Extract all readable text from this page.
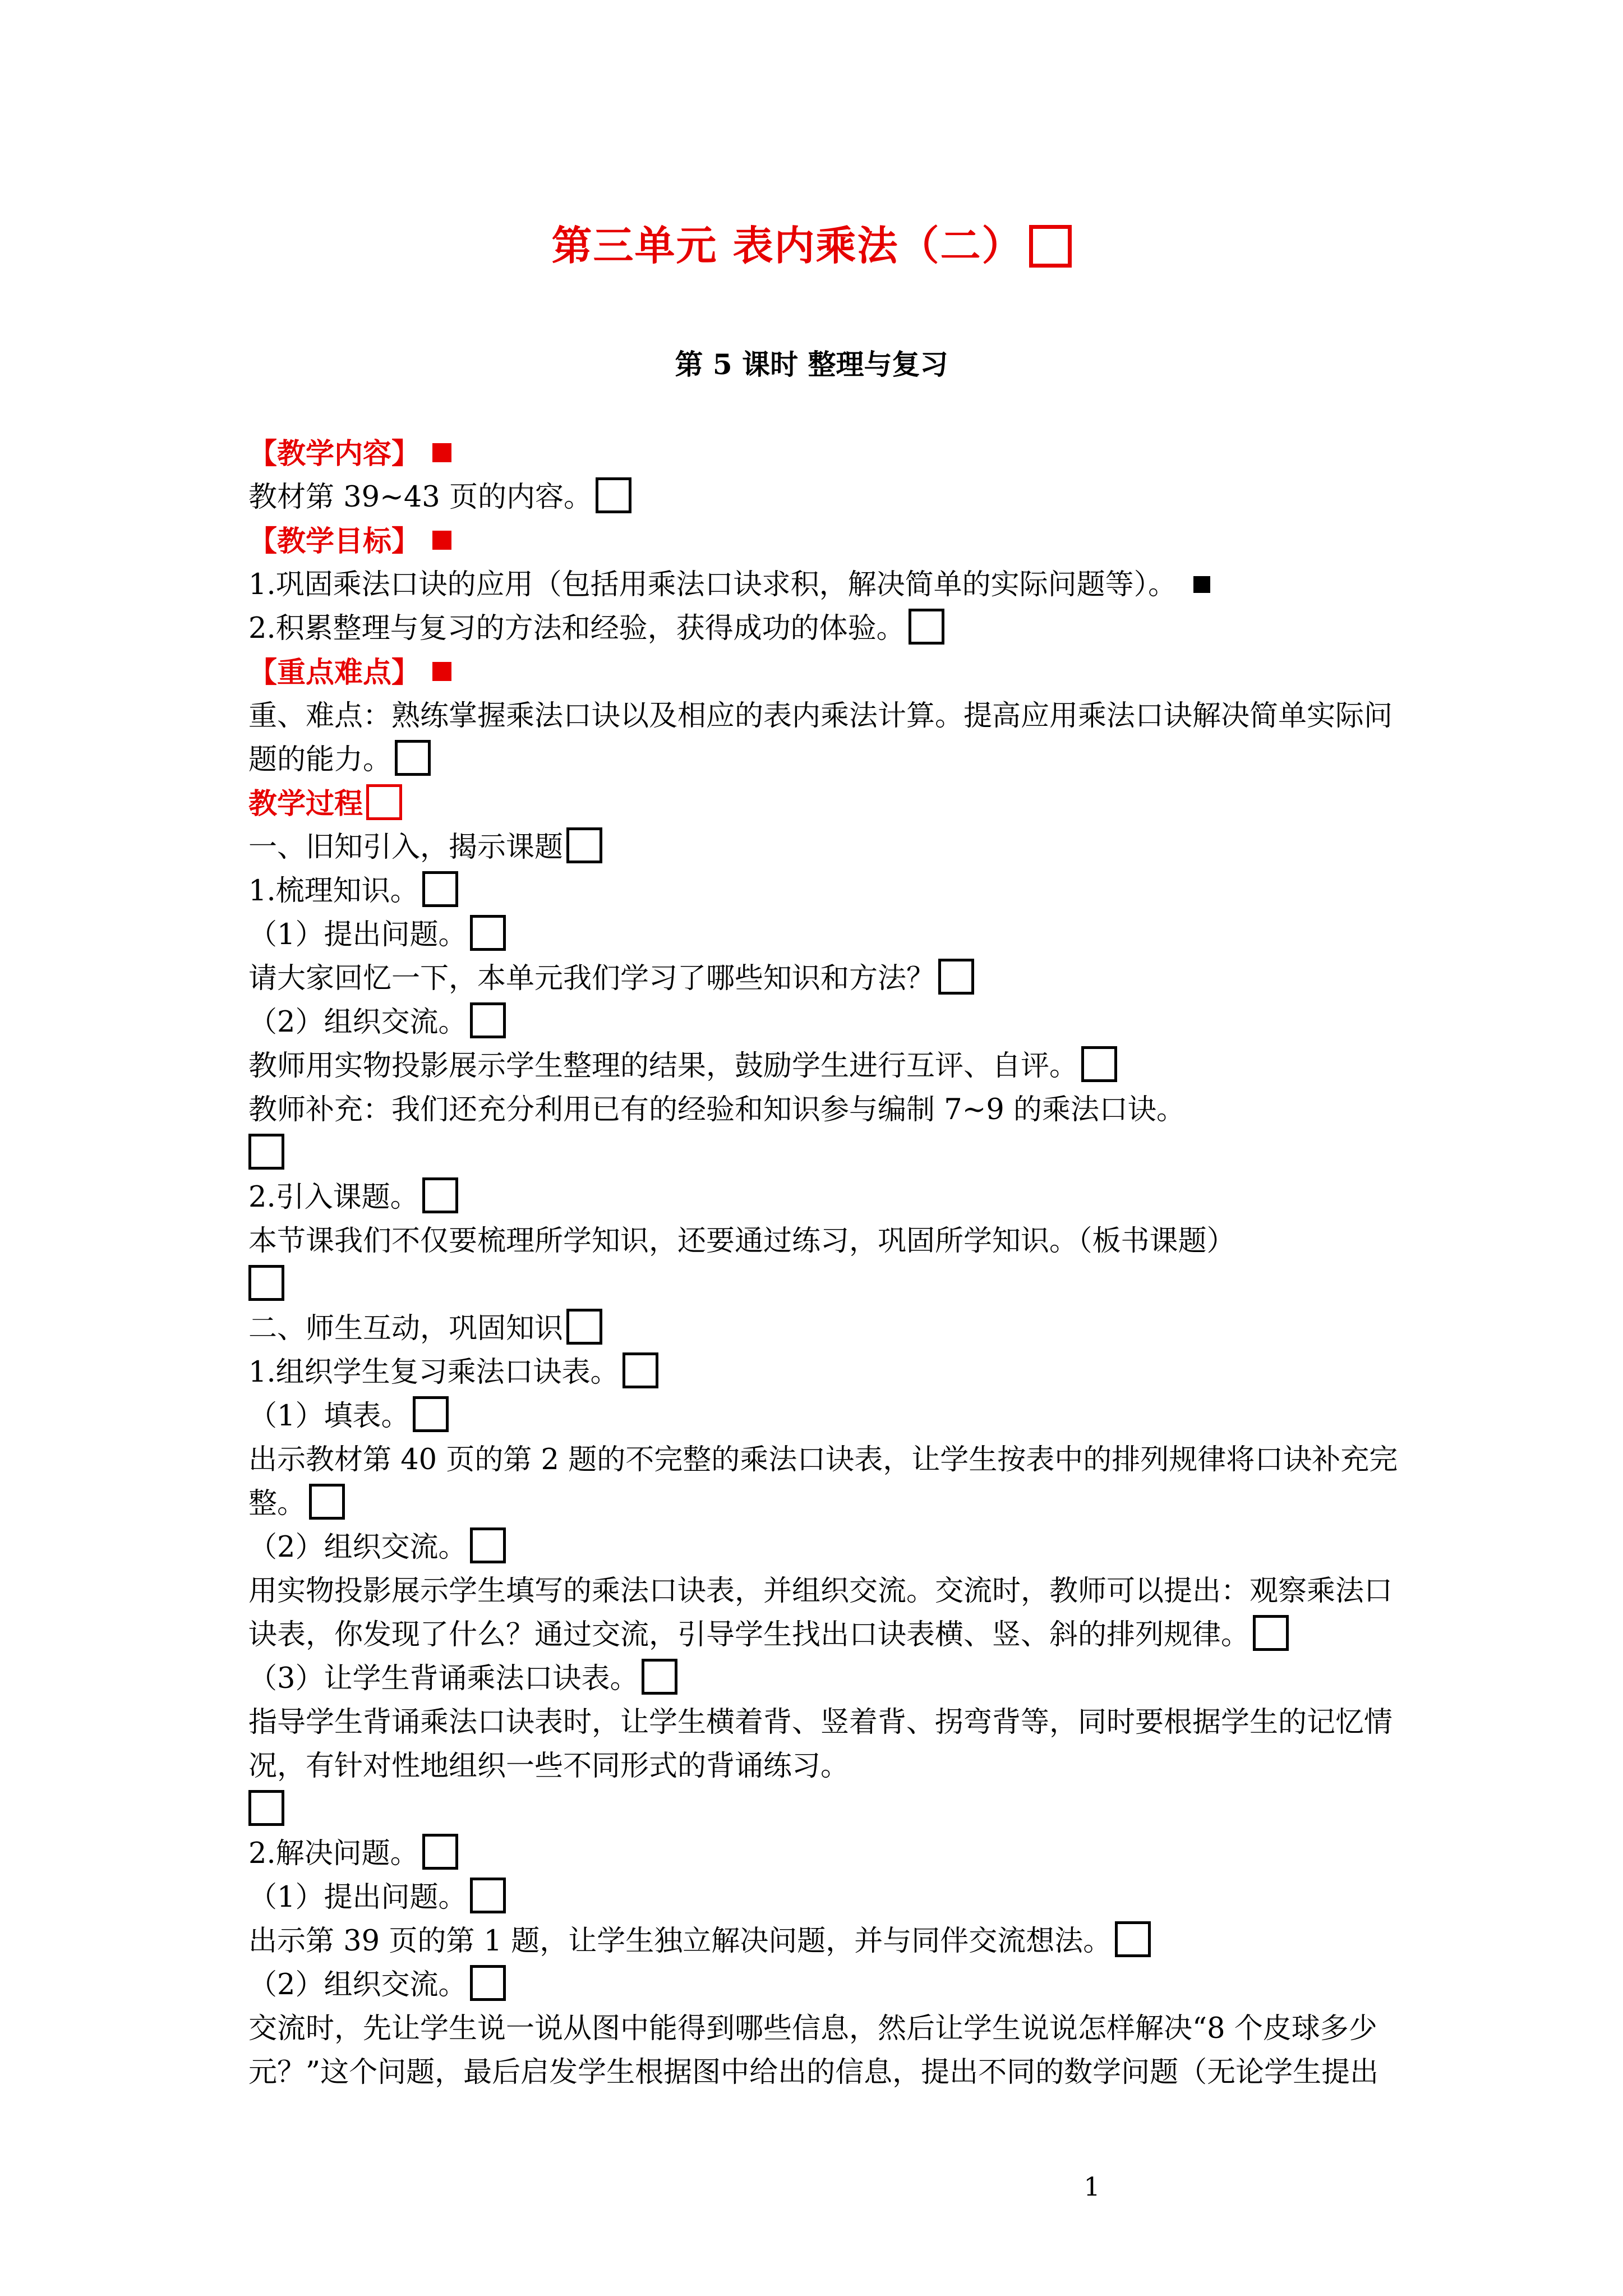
第三单元 表内乘法（二）
第 5 课时 整理与复习

【教学内容】

教材第 39~43 页的内容。

【教学目标】

1.巩固乘法口诀的应用（包括用乘法口诀求积，解决简单的实际问题等）。

2.积累整理与复习的方法和经验，获得成功的体验。

【重点难点】

重、难点：熟练掌握乘法口诀以及相应的表内乘法计算。提高应用乘法口诀解决简单实际问题的能力。

教学过程

一、旧知引入，揭示课题

1.梳理知识。

（1）提出问题。

请大家回忆一下，本单元我们学习了哪些知识和方法？

（2）组织交流。

教师用实物投影展示学生整理的结果，鼓励学生进行互评、自评。

教师补充：我们还充分利用已有的经验和知识参与编制 7~9 的乘法口诀。

2.引入课题。

本节课我们不仅要梳理所学知识，还要通过练习，巩固所学知识。（板书课题）

二、师生互动，巩固知识

1.组织学生复习乘法口诀表。

（1）填表。

出示教材第 40 页的第 2 题的不完整的乘法口诀表，让学生按表中的排列规律将口诀补充完整。

（2）组织交流。

用实物投影展示学生填写的乘法口诀表，并组织交流。交流时，教师可以提出：观察乘法口诀表，你发现了什么？通过交流，引导学生找出口诀表横、竖、斜的排列规律。

（3）让学生背诵乘法口诀表。

指导学生背诵乘法口诀表时，让学生横着背、竖着背、拐弯背等，同时要根据学生的记忆情况，有针对性地组织一些不同形式的背诵练习。

2.解决问题。

（1）提出问题。

出示第 39 页的第 1 题，让学生独立解决问题，并与同伴交流想法。

（2）组织交流。

交流时，先让学生说一说从图中能得到哪些信息，然后让学生说说怎样解决“8 个皮球多少元？”这个问题，最后启发学生根据图中给出的信息，提出不同的数学问题（无论学生提出

1
